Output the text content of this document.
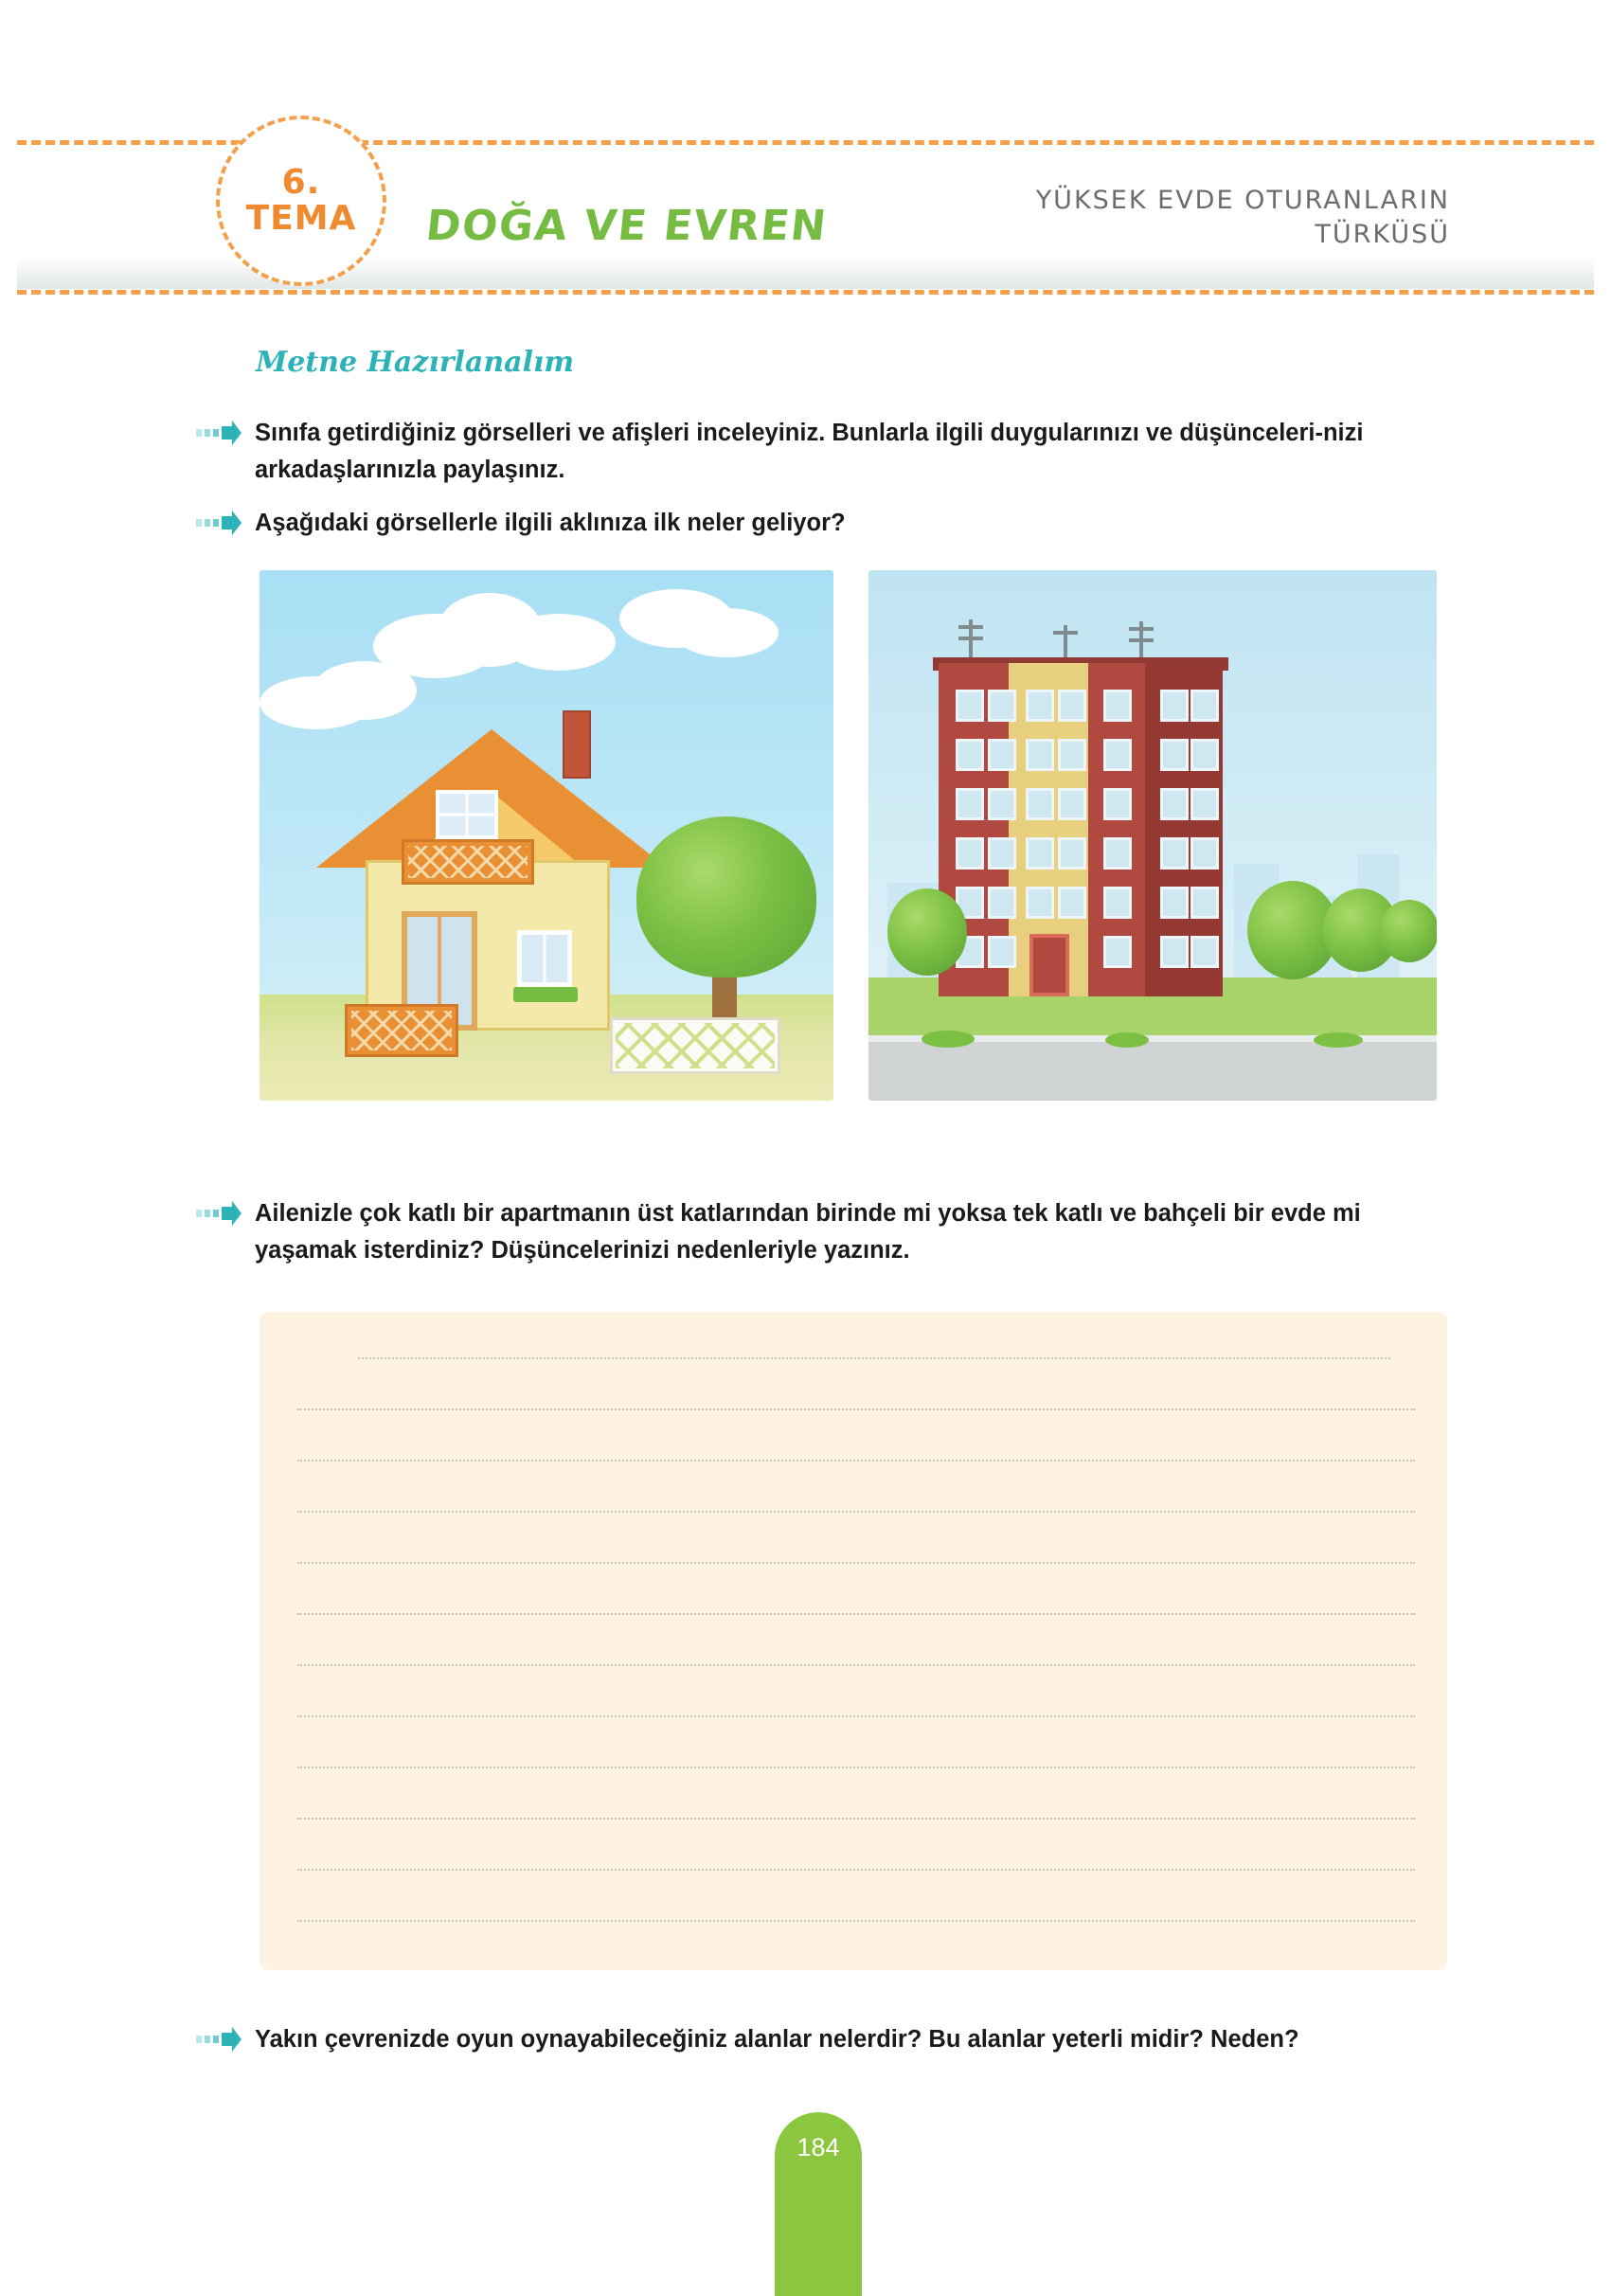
6.
TEMA DOĞA VE EVREN
YÜKSEK EVDE OTURANLARIN
TÜRKÜSÜ
Metne Hazırlanalım
Sınıfa getirdiğiniz görselleri ve afişleri inceleyiniz. Bunlarla ilgili duygularınızı ve düşünceleri-nizi arkadaşlarınızla paylaşınız.
Aşağıdaki görsellerle ilgili aklınıza ilk neler geliyor?
Ailenizle çok katlı bir apartmanın üst katlarından birinde mi yoksa tek katlı ve bahçeli bir evde mi yaşamak isterdiniz? Düşüncelerinizi nedenleriyle yazınız.
Yakın çevrenizde oyun oynayabileceğiniz alanlar nelerdir? Bu alanlar yeterli midir? Neden?
184
